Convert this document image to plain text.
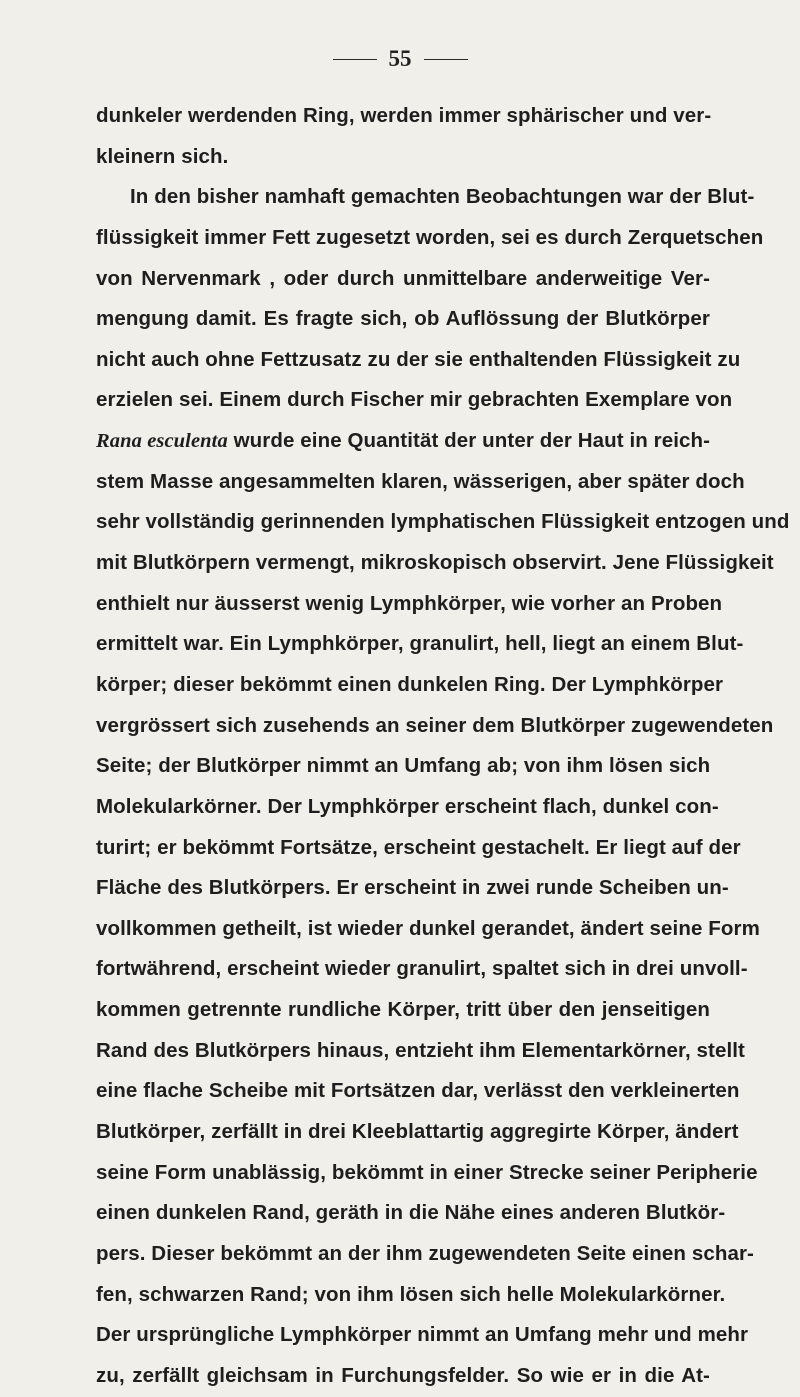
55
dunkeler werdenden Ring, werden immer sphärischer und ver-
kleinern sich.
In den bisher namhaft gemachten Beobachtungen war der Blut-
flüssigkeit immer Fett zugesetzt worden, sei es durch Zerquetschen
von Nervenmark , oder durch unmittelbare anderweitige Ver-
mengung damit. Es fragte sich, ob Auflössung der Blutkörper
nicht auch ohne Fettzusatz zu der sie enthaltenden Flüssigkeit zu
erzielen sei. Einem durch Fischer mir gebrachten Exemplare von
Rana esculenta wurde eine Quantität der unter der Haut in reich-
stem Masse angesammelten klaren, wässerigen, aber später doch
sehr vollständig gerinnenden lymphatischen Flüssigkeit entzogen und
mit Blutkörpern vermengt, mikroskopisch observirt. Jene Flüssigkeit
enthielt nur äusserst wenig Lymphkörper, wie vorher an Proben
ermittelt war. Ein Lymphkörper, granulirt, hell, liegt an einem Blut-
körper; dieser bekömmt einen dunkelen Ring. Der Lymphkörper
vergrössert sich zusehends an seiner dem Blutkörper zugewendeten
Seite; der Blutkörper nimmt an Umfang ab; von ihm lösen sich
Molekularkörner. Der Lymphkörper erscheint flach, dunkel con-
turirt; er bekömmt Fortsätze, erscheint gestachelt. Er liegt auf der
Fläche des Blutkörpers. Er erscheint in zwei runde Scheiben un-
vollkommen getheilt, ist wieder dunkel gerandet, ändert seine Form
fortwährend, erscheint wieder granulirt, spaltet sich in drei unvoll-
kommen getrennte rundliche Körper, tritt über den jenseitigen
Rand des Blutkörpers hinaus, entzieht ihm Elementarkörner, stellt
eine flache Scheibe mit Fortsätzen dar, verlässt den verkleinerten
Blutkörper, zerfällt in drei Kleeblattartig aggregirte Körper, ändert
seine Form unablässig, bekömmt in einer Strecke seiner Peripherie
einen dunkelen Rand, geräth in die Nähe eines anderen Blutkör-
pers. Dieser bekömmt an der ihm zugewendeten Seite einen schar-
fen, schwarzen Rand; von ihm lösen sich helle Molekularkörner.
Der ursprüngliche Lymphkörper nimmt an Umfang mehr und mehr
zu, zerfällt gleichsam in Furchungsfelder. So wie er in die At-
